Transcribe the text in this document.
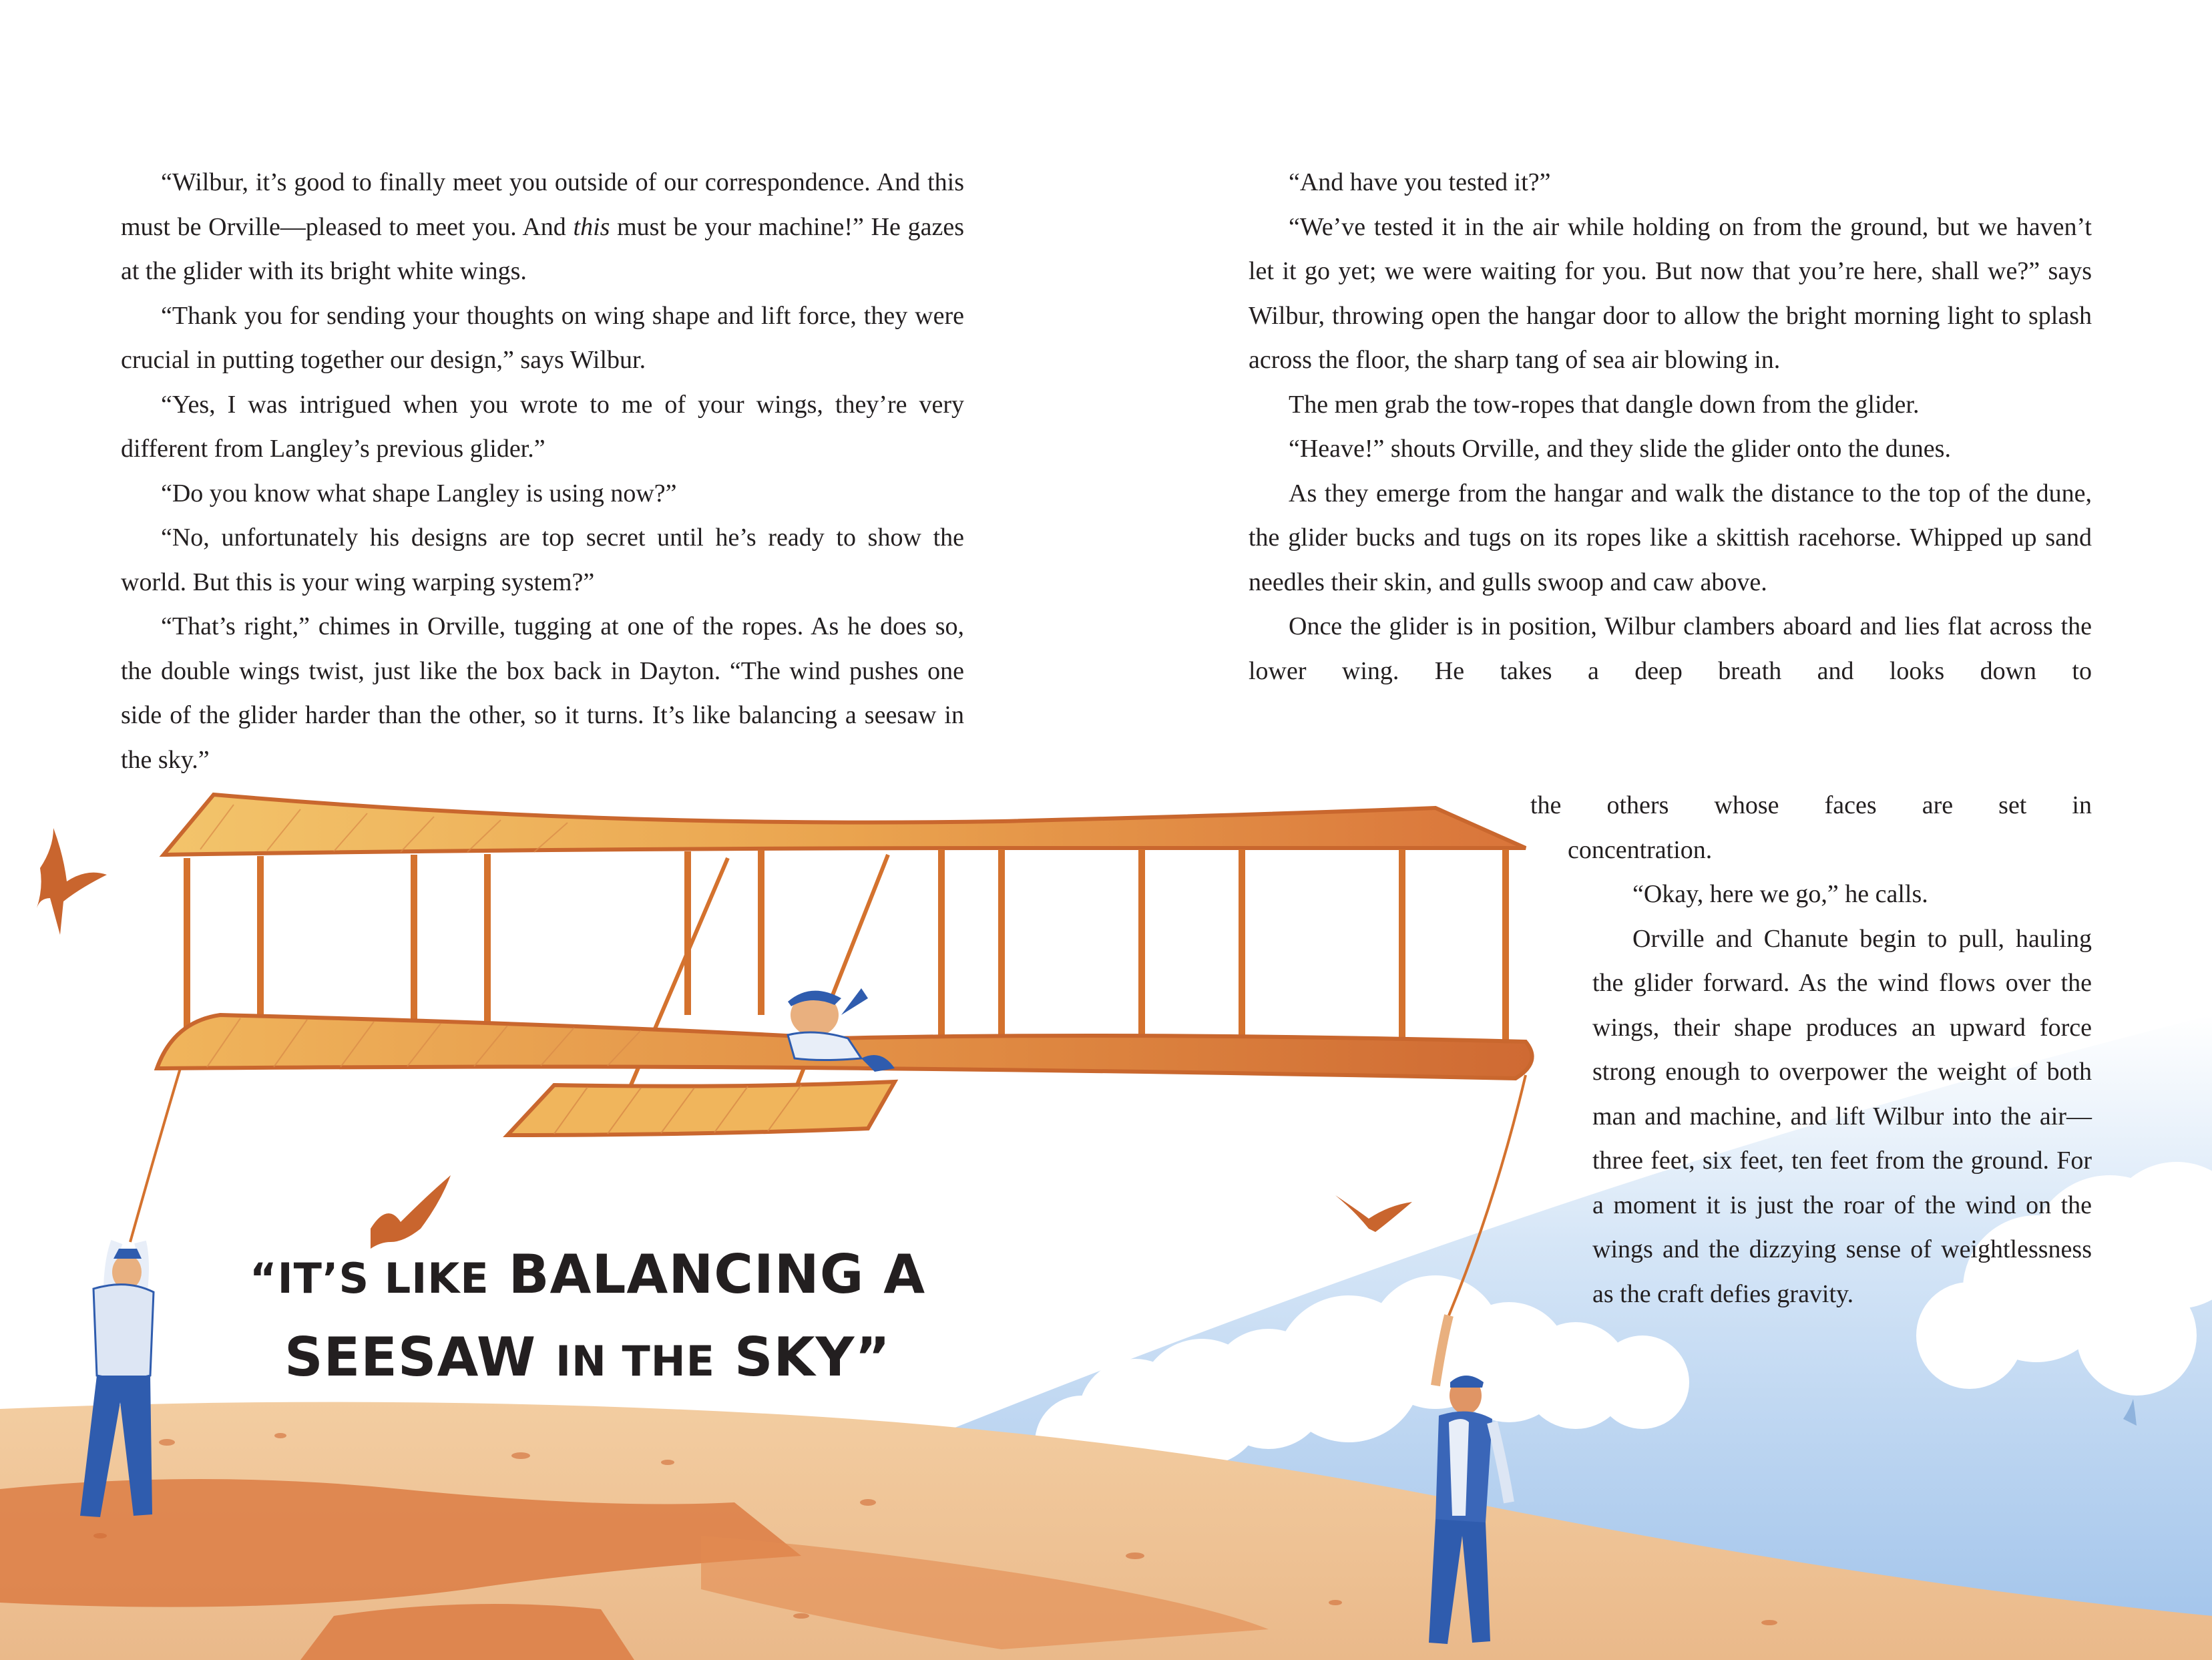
“Wilbur, it’s good to finally meet you outside of our correspondence. And this must be Orville—pleased to meet you. And this must be your machine!” He gazes at the glider with its bright white wings.

“Thank you for sending your thoughts on wing shape and lift force, they were crucial in putting together our design,” says Wilbur.

“Yes, I was intrigued when you wrote to me of your wings, they’re very different from Langley’s previous glider.”

“Do you know what shape Langley is using now?”

“No, unfortunately his designs are top secret until he’s ready to show the world. But this is your wing warping system?”

“That’s right,” chimes in Orville, tugging at one of the ropes. As he does so, the double wings twist, just like the box back in Dayton. “The wind pushes one side of the glider harder than the other, so it turns. It’s like balancing a seesaw in the sky.”

“And have you tested it?”

“We’ve tested it in the air while holding on from the ground, but we haven’t let it go yet; we were waiting for you. But now that you’re here, shall we?” says Wilbur, throwing open the hangar door to allow the bright morning light to splash across the floor, the sharp tang of sea air blowing in.

The men grab the tow-ropes that dangle down from the glider.

“Heave!” shouts Orville, and they slide the glider onto the dunes.

As they emerge from the hangar and walk the distance to the top of the dune, the glider bucks and tugs on its ropes like a skittish racehorse. Whipped up sand needles their skin, and gulls swoop and caw above.

Once the glider is in position, Wilbur clambers aboard and lies flat across the lower wing. He takes a deep breath and looks down to

the others whose faces are set in

concentration.

“Okay, here we go,” he calls.

Orville and Chanute begin to pull, hauling the glider forward. As the wind flows over the wings, their shape produces an upward force strong enough to overpower the weight of both man and machine, and lift Wilbur into the air—three feet, six feet, ten feet from the ground. For a moment it is just the roar of the wind on the wings and the dizzying sense of weightlessness as the craft defies gravity.

“IT’S LIKE BALANCING A
SEESAW IN THE SKY”
